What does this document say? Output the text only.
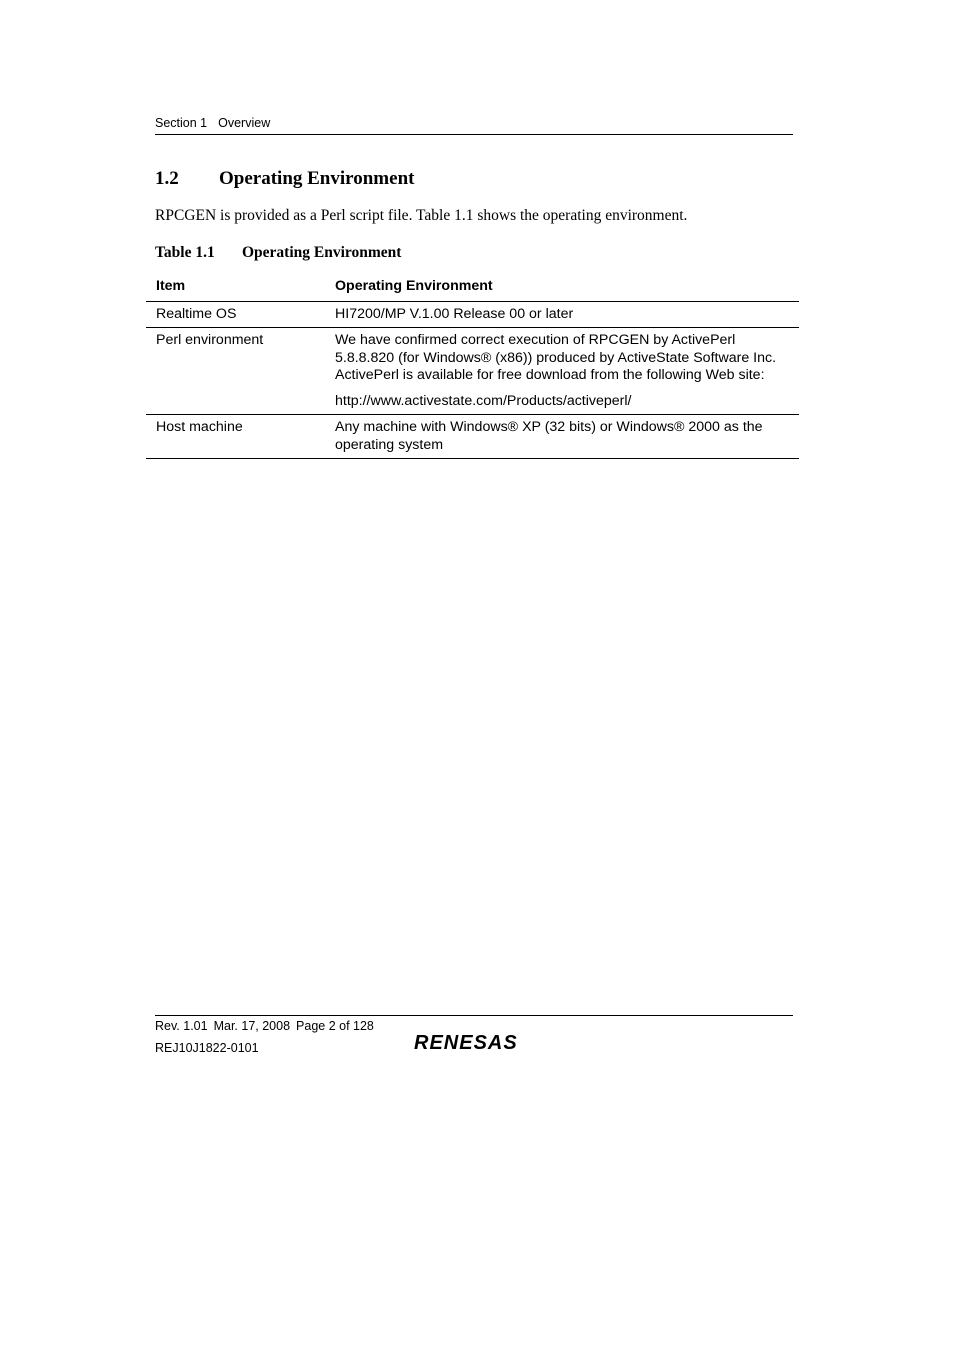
Section 1 Overview
1.2 Operating Environment
RPCGEN is provided as a Perl script file. Table 1.1 shows the operating environment.
Table 1.1 Operating Environment
Item	Operating Environment
Realtime OS	HI7200/MP V.1.00 Release 00 or later
Perl environment	We have confirmed correct execution of RPCGEN by ActivePerl 5.8.8.820 (for Windows® (x86)) produced by ActiveState Software Inc. ActivePerl is available for free download from the following Web site:
http://www.activestate.com/Products/activeperl/

Host machine	Any machine with Windows® XP (32 bits) or Windows® 2000 as the operating system
Rev. 1.01 Mar. 17, 2008 Page 2 of 128
REJ10J1822-0101	RENESAS
